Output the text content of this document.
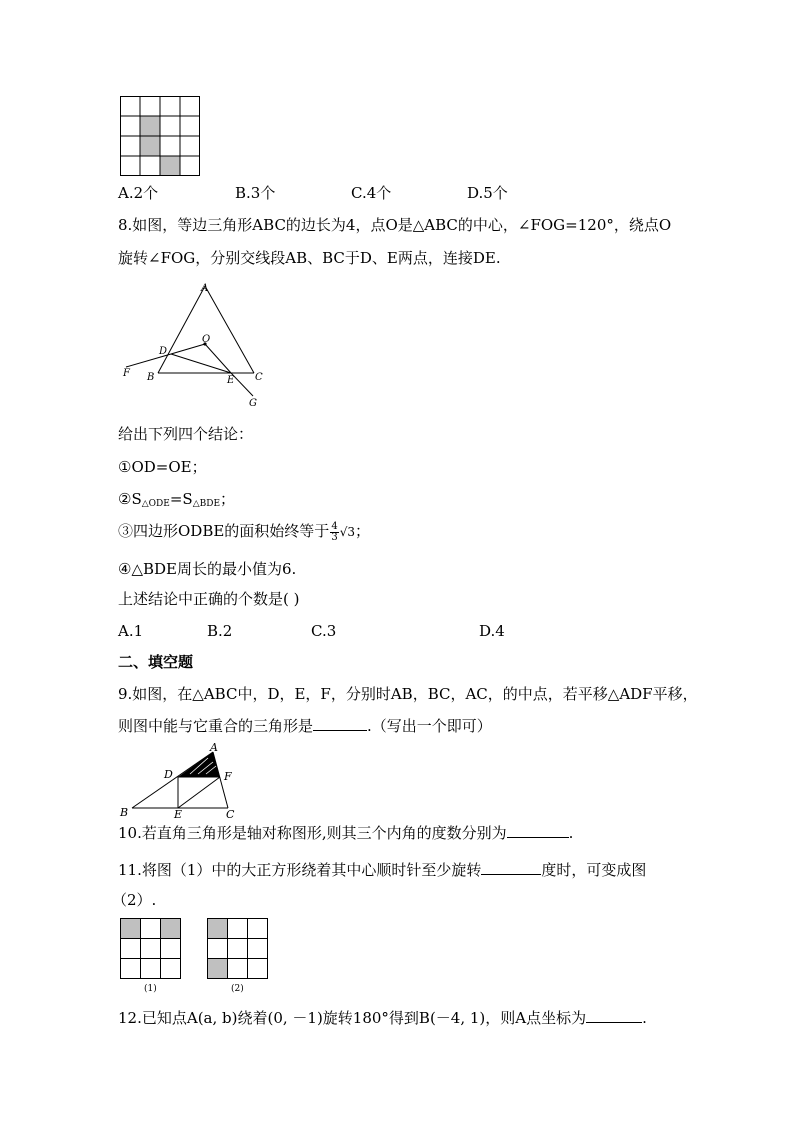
A.2个	B.3个	C.4个	D.5个
8.如图，等边三角形ABC的边长为4，点O是△ABC的中心，∠FOG=120°，绕点O
旋转∠FOG，分别交线段AB、BC于D、E两点，连接DE.
A
O
D
F B	E C
G
给出下列四个结论：
①OD=OE；
$②S_{\triangle ODE}=S_{\triangle BDE}$；
③四边形ODBE的面积始终等于 $\frac{4}{3} √3$；
④△BDE周长的最小值为6.
上述结论中正确的个数是( )
A.1	B.2	C.3	D.4
二、填空题
9.如图，在△ABC中，D，E，F，分别时AB，BC，AC，的中点，若平移△ADF平移，
则图中能与它重合的三角形是	.（写出一个即可）
A
D	F
B	E	C
10.若直角三角形是轴对称图形,则其三个内角的度数分别为	.
11.将图（1）中的大正方形绕着其中心顺时针至少旋转	度时，可变成图
（2）.
(1)	(2)
12.已知点A(a, b)绕着(0, －1)旋转180°得到B(－4, 1)，则A点坐标为	.
